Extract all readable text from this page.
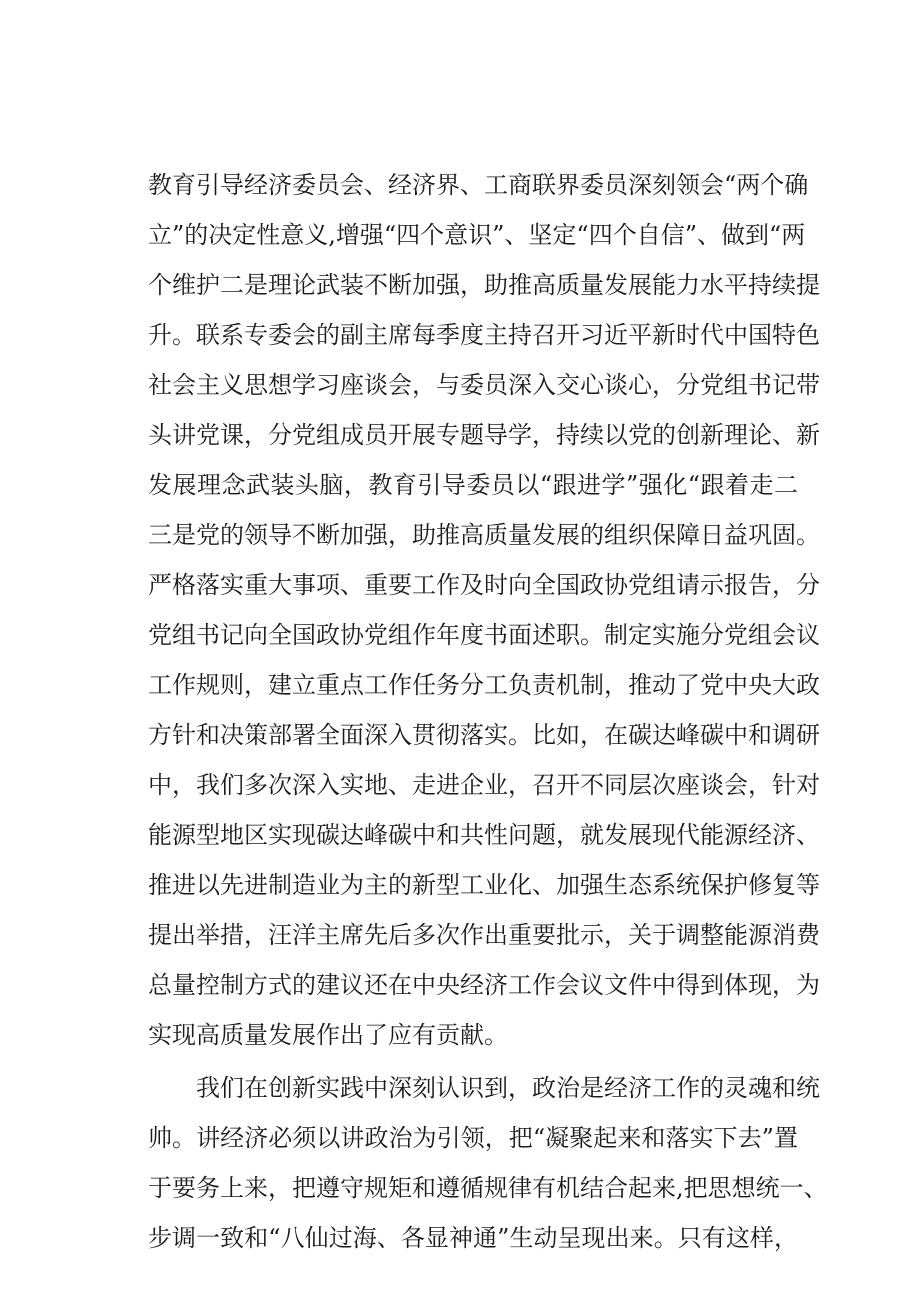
教育引导经济委员会、经济界、工商联界委员深刻领会“两个确
立”的决定性意义,增强“四个意识”、坚定“四个自信”、做到“两
个维护二是理论武装不断加强，助推高质量发展能力水平持续提
升。联系专委会的副主席每季度主持召开习近平新时代中国特色
社会主义思想学习座谈会，与委员深入交心谈心，分党组书记带
头讲党课，分党组成员开展专题导学，持续以党的创新理论、新
发展理念武装头脑，教育引导委员以“跟进学”强化“跟着走二
三是党的领导不断加强，助推高质量发展的组织保障日益巩固。
严格落实重大事项、重要工作及时向全国政协党组请示报告，分
党组书记向全国政协党组作年度书面述职。制定实施分党组会议
工作规则，建立重点工作任务分工负责机制，推动了党中央大政
方针和决策部署全面深入贯彻落实。比如，在碳达峰碳中和调研
中，我们多次深入实地、走进企业，召开不同层次座谈会，针对
能源型地区实现碳达峰碳中和共性问题，就发展现代能源经济、
推进以先进制造业为主的新型工业化、加强生态系统保护修复等
提出举措，汪洋主席先后多次作出重要批示，关于调整能源消费
总量控制方式的建议还在中央经济工作会议文件中得到体现，为
实现高质量发展作出了应有贡献。
我们在创新实践中深刻认识到，政治是经济工作的灵魂和统
帅。讲经济必须以讲政治为引领，把“凝聚起来和落实下去”置
于要务上来，把遵守规矩和遵循规律有机结合起来,把思想统一、
步调一致和“八仙过海、各显神通”生动呈现出来。只有这样，
